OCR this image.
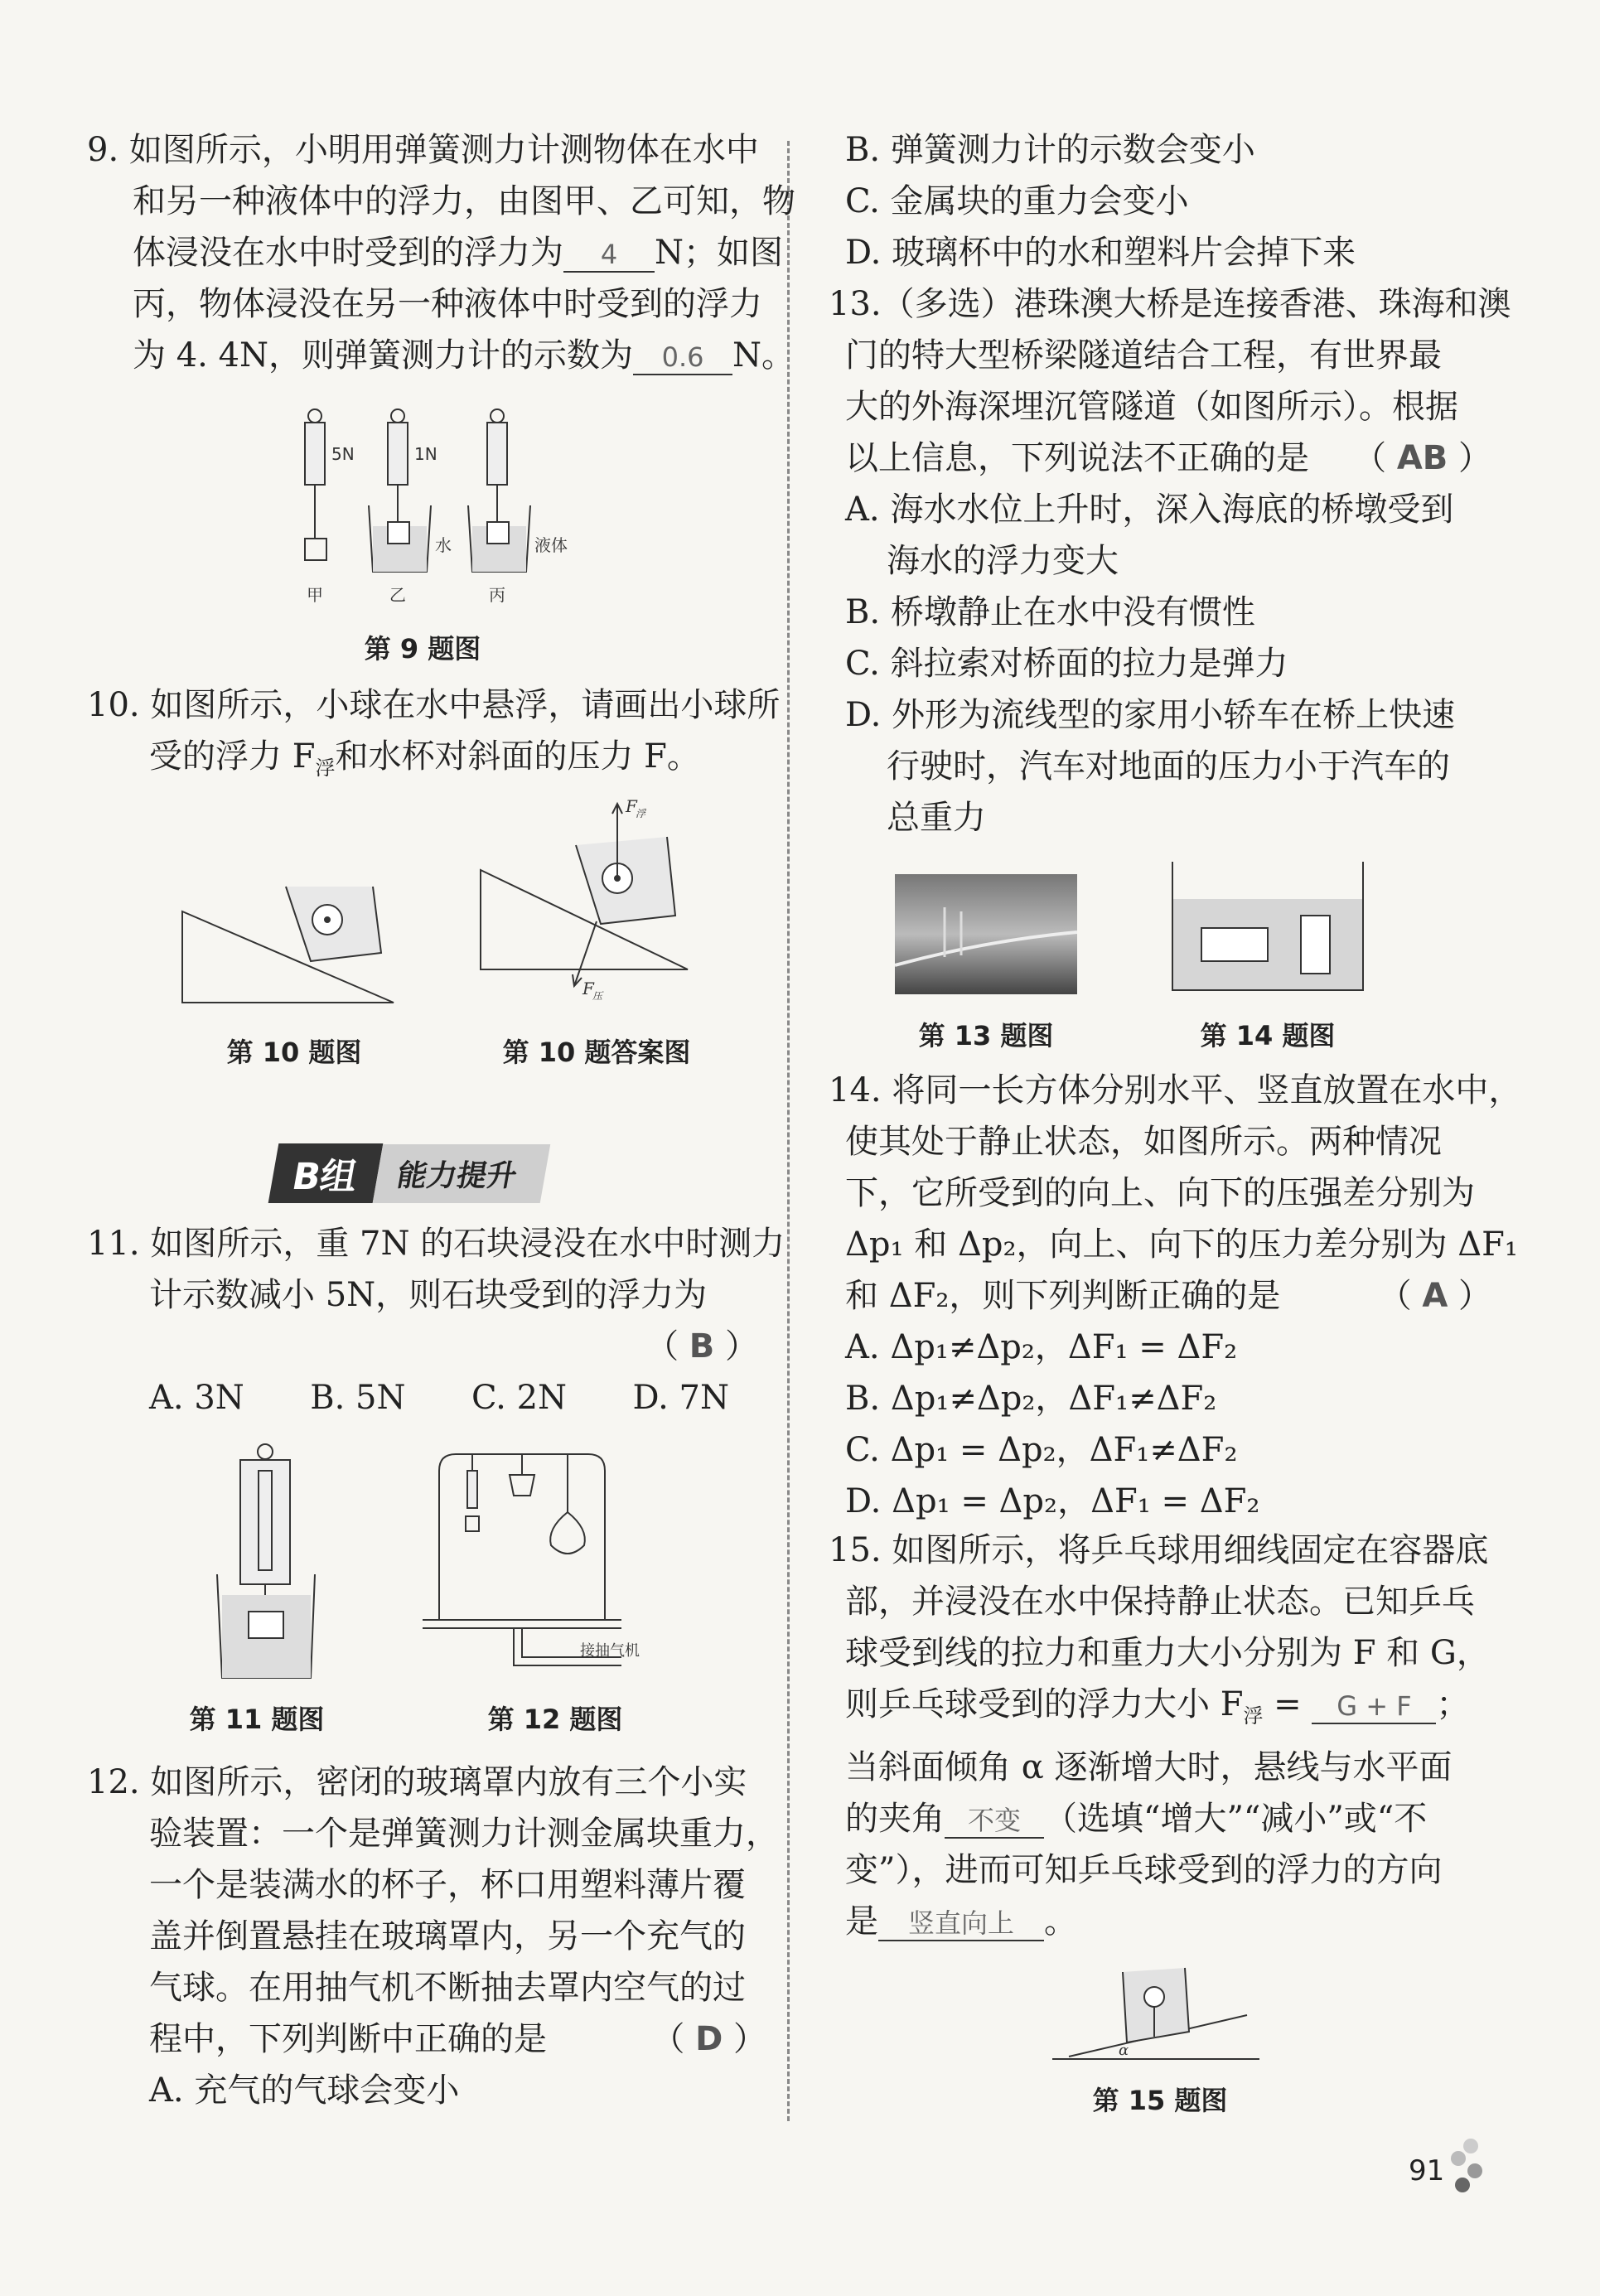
9. 如图所示，小明用弹簧测力计测物体在水中
和另一种液体中的浮力，由图甲、乙可知，物
体浸没在水中时受到的浮力为 4 N；如图
丙，物体浸没在另一种液体中时受到的浮力
为 4. 4N，则弹簧测力计的示数为 0.6 N。
5N	1N
水	液体
甲	乙	丙
第 9 题图
10. 如图所示，小球在水中悬浮，请画出小球所
受的浮力 $F_浮$和水杯对斜面的压力 F。
F
浮
F
压
第 10 题图	第 10 题答案图
B组	能力提升
11. 如图所示，重 7N 的石块浸没在水中时测力
计示数减小 5N，则石块受到的浮力为
（ B ）
A. 3N B. 5N C. 2N D. 7N
第 11 题图
接抽气机
第 12 题图
12. 如图所示，密闭的玻璃罩内放有三个小实
验装置：一个是弹簧测力计测金属块重力，
一个是装满水的杯子，杯口用塑料薄片覆
盖并倒置悬挂在玻璃罩内，另一个充气的
气球。在用抽气机不断抽去罩内空气的过
程中，下列判断中正确的是	（ D ）
A. 充气的气球会变小
B. 弹簧测力计的示数会变小
C. 金属块的重力会变小
D. 玻璃杯中的水和塑料片会掉下来
13.（多选）港珠澳大桥是连接香港、珠海和澳
门的特大型桥梁隧道结合工程，有世界最
大的外海深埋沉管隧道（如图所示）。根据
以上信息，下列说法不正确的是 （ AB ）
A. 海水水位上升时，深入海底的桥墩受到
海水的浮力变大
B. 桥墩静止在水中没有惯性
C. 斜拉索对桥面的拉力是弹力
D. 外形为流线型的家用小轿车在桥上快速
行驶时，汽车对地面的压力小于汽车的
总重力
第 13 题图	第 14 题图
14. 将同一长方体分别水平、竖直放置在水中，
使其处于静止状态，如图所示。两种情况
下，它所受到的向上、向下的压强差分别为
Δp₁ 和 Δp₂，向上、向下的压力差分别为 ΔF₁
和 ΔF₂，则下列判断正确的是	（ A ）
A. Δp₁≠Δp₂，ΔF₁ = ΔF₂
B. Δp₁≠Δp₂，ΔF₁≠ΔF₂
C. Δp₁ = Δp₂，ΔF₁≠ΔF₂
D. Δp₁ = Δp₂，ΔF₁ = ΔF₂
15. 如图所示，将乒乓球用细线固定在容器底
部，并浸没在水中保持静止状态。已知乒乓
球受到线的拉力和重力大小分别为 F 和 G，
则乒乓球受到的浮力大小 $F_浮 = G + F$ ；
当斜面倾角 α 逐渐增大时，悬线与水平面
的夹角 不变 （选填“增大”“减小”或“不
变”），进而可知乒乓球受到的浮力的方向
是 竖直向上 。
α
第 15 题图
91
